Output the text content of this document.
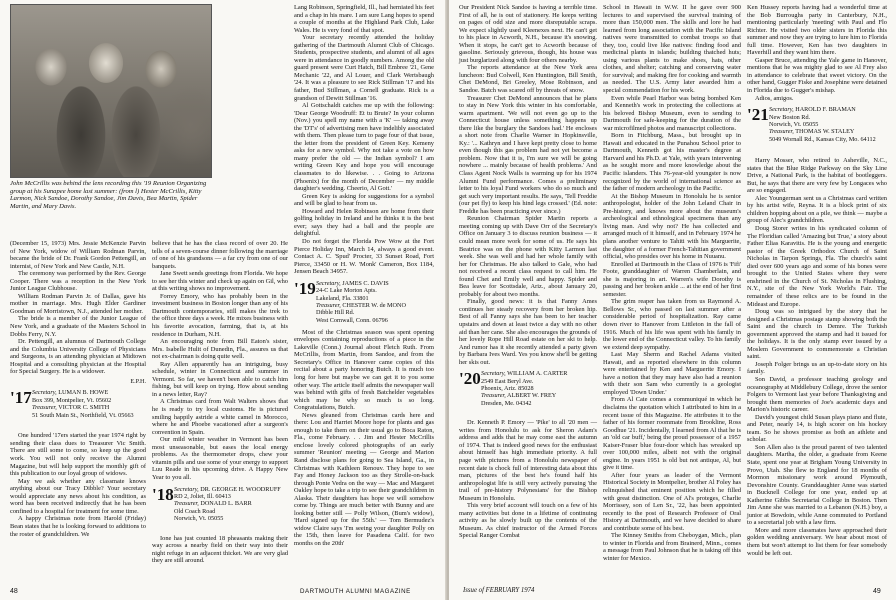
John McCrillis was behind the lens recording this '19 Reunion Organizing group at his Sunapee home last summer: (from l) Hester McCrillis, Kitty Larmon, Nick Sandoe, Dorothy Sandoe, Jim Davis, Bea Martin, Spider Martin, and Mary Davis.

(December 15, 1973) Mrs. Jessie McKenzie Parvin of New York, widow of William Rodman Parvin, became the bride of Dr. Frank Gordon Pettengill, an internist, of New York and New Castle, N.H.

The ceremony was performed by the Rev. George Cooper. There was a reception in the New York Junior League Clubhouse.

William Rodman Parvin Jr. of Dallas, gave his mother in marriage. Mrs. Hugh Elder Gardiner Goodman of Morristown, N.J., attended her mother.

The bride is a member of the Junior League of New York, and a graduate of the Masters School in Dobbs Ferry, N.Y.

Dr. Pettengill, an alumnus of Dartmouth College and the Columbia University College of Physicians and Surgeons, is an attending physician at Midtown Hospital and a consulting physician at the Hospital for Special Surgery. He is a widower.

E.P.H.
'17 Secretary, LUMAN B. HOWE
Box 399, Montpelier, Vt. 05602
Treasurer, VICTOR C. SMITH
51 South Main St., Northfield, Vt. 05663

One hundred '17ers started the year 1974 right by sending their class dues to Treasurer Vic Smith. There are still some to come, so keep up the good work. You will not only receive the Alumni Magazine, but will help support the monthly gift of this publication to our loyal group of widows.

May we ask whether any classmate knows anything about our Tracy Dibble? Your secretary would appreciate any news about his condition, as word has been received indirectly that he has been confined to a hospital for treatment for some time.

A happy Christmas note from Harold (Friday) Bean states that he is looking forward to additions to the roster of grandchildren. We

believe that he has the class record of over 20. He tells of a seven-course dinner following the marriage of one of his grandsons — a far cry from one of our banquets.

Jane Swett sends greetings from Florida. We hope to see her this winter and check up again on Gil, who at this writing shows no improvement.

Forrey Emory, who has probably been in the investment business in Boston longer than any of his Dartmouth contemporaries, still makes the trek to the office three days a week. He mixes business with his favorite avocation, farming, that is, at his residence in Durham, N.H.

An encouraging note from Bill Eaton's sister, Mrs. Isabelle Hulit of Dunedin, Fla., assures us that not ex-chairman is doing quite well.

Ray Allen apparently has an intriguing, busy schedule, winter in Connecticut and summer in Vermont. So far, we haven't been able to catch him fishing, but will keep on trying. How about sending in a news letter, Ray?

A Christmas card from Walt Walters shows that he is ready to try local customs. He is pictured smiling happily astride a white camel in Morocco, where he and Phoebe vacationed after a surgeon's convention in Spain.

Our mild winter weather in Vermont has been most unseasonable, but eases the local energy problems. As the thermometer drops, chew your vitamin pills and use some of your energy to support Luu Reade in his upcoming drive. A Happy New Year to you all.

'18 Secretary, DR. GEORGE H. WOODRUFF
RD 2, Joliet, Ill. 60413
Treasurer, DONALD L. BARR
Old Coach Road
Norwich, Vt. 05055

Ione has just counted 18 pheasants making their way across a nearby field on their way into their night refuge in an adjacent thicket. We are very glad they are still around.

Lang Robinson, Springfield, Ill., had herniated his feet and a chap in his mare. I am sure Lang hopes to spend a couple of months at the Highland Park Club, Lake Wales. He is very fond of that spot.

Your secretary recently attended the holiday gathering of the Dartmouth Alumni Club of Chicago. Students, prospective students, and alumni of all ages were in attendance in goodly numbers. Among the old guard present were Curt Hatch, Bill Embree '21, Gene Mechanic '22, and Al Louer, and Clark Wertsbaugh '24. It was a pleasure to see Rick Stillman '17 and his father, Bud Stillman, a Cornell graduate. Rick is a grandson of Dewitt Stillman '16.

Al Gottschaldt catches me up with the following: 'Dear George Woodruff: Et tu Brute? In your column (Nov.) you spell my name with a 'K' — taking away the 'DT's' of advertising men have indelibly associated with them. Then please turn to page four of that issue, the letter from the president of Green Key. Kemeny asks for a new symbol. Why not take a vote on how many prefer the old — the Indian symbol? I am writing Green Key and hope you will encourage classmates to do likewise. . . Going to Arizona (Phoenix) for the month of December — my middle daughter's wedding. Cheerio, Al Gott.'

Green Key is asking for suggestions for a symbol and will be glad to hear from us.

Howard and Helen Robinson are home from their golfing holiday in Ireland and he thinks it is the best ever; says they had a ball and the people are delightful.

Do not forget the Florida Pow Wow at the Fort Pierce Holiday Inn, March 14, always a good event. Contact A. C. 'Spud' Procter, 33 Sunset Road, Fort Pierce, 33450 or H. W. 'Monk' Cameron, Box 1184, Jensen Beach 34957.

'19 Secretary, JAMES C. DAVIS
24-C Lake Morton Apts.
Lakeland, Fla. 33801
Treasurer, CHESTER W. de MONO
Dibble Hill Rd.
West Cornwall, Conn. 06796

Most of the Christmas season was spent opening envelopes containing reproductions of a piece in the Lakeville (Conn.) Journal about Fletch Ruth. From McCrillis, from Martin, from Sandoe, and from the Secretary's Office in Hanover came copies of this recital about a party honoring Butch. It is much too long for here but maybe we can get it to you some other way. The article itself admits the newspaper wall was behind with gifts of fresh Batchelder vegetables which may be why so much is so long. Congratulations, Butch.

News gleaned from Christmas cards here and there: Lou and Harriet Moore hope for plants and gas enough to take them on their usual go to Boca Raton, Fla., come February. . . Jim and Hester McCrillis enclose lovely colored photographs of an early summer 'Reunion' meeting — George and Marion Rand disclose plans for going to Sea Island, Ga., in Christmas with Kathleen Renouv. They hope to see Fay and Honey Jackson too as they Strolle-on-back through Ponte Vedra on the way — Mac and Margaret Oakley hope to take a trip to see their grandchildren in Alaska. Their daughters has hope we will somehow come by. Things are much better with Bunny and are looking better still — Polly Wilson, (Bum's widow), 'Hard signed up for the 55th.' — Tom Bermudez's widow Claire says 'I'm seeing your daughter Polly on the 15th, then leave for Pasadena Calif. for two months on the 20th'

48	DARTMOUTH ALUMNI MAGAZINE

Our President Nick Sandoe is having a terrible time. First of all, he is out of stationery. He keeps writing on pages of odd size and more disreputable scraps. We expect slightly used Kleenexes next. He can't get to his place in Acworth, N.H., because it's snowing. When it stops, he can't get to Acworth because of gasoline. Seriously grievous, though, his house was just burglarized along with four others nearby.

The reports attendance at the New York area luncheon: Bud Colwell, Ken Huntington, Bill Smith, Chet DeMond, Bri Greeley, Mose Robinson, and Sandoe. Batch was scared off by threats of snow.

Treasurer Chet DeMond announces that he plans to stay in New York this winter in his comfortable, warm apartment. 'We will not even go up to the Connecticut house unless something happens up there like the burglary the Sandoes had.' He encloses a short note from Charlie Warner in Hopkinsville, Ky.: '... Kathryn and I have kept pretty close to home even though this gas problem had not yet become a problem. Now that it is, I'm sure we will be going nowhere ... mainly because of health problems.' And Class Agent Nock Walls is warming up for his 1974 Alumni Fund performance. Comes a preliminary letter to his loyal Fund workers who do so much and get such very important results. He says, 'Tell Freddie (our pet fly) to keep his hind legs crossed.' (Ed. note: Freddie has been practicing ever since.)

Reunion Chairman Spider Martin reports a meeting coming up with Dave Orr of the Secretary's Office on January 3 to discuss reunion business — it could mean more work for some of us. He says his Beatrice was on the phone with Kitty Larmon last week. She was well and had her whole family with her for Christmas. He also talked to Gale, who had not received a recent class request to call him. He found Chet and Emily well and happy. Spider and Bea leave for Scottsdale, Ariz., about January 20, probably for about two months.

Finally, good news: it is that Fanny Ames continues her steady recovery from her broken hip. Best of all Fanny says she has been to her teacher upstairs and down at least twice a day with no other aid than her cane. She also encourages the grounds of her lovely Rope Hill Road estate on her ski to help. And rumor has it she recently attended a party given by Barbara Ives Ward. Yes you know she'll be getting her skis out.

'20 Secretary, WILLIAM A. CARTER
2549 East Beryl Ave.
Phoenix, Ariz. 85028
Treasurer, ALBERT W. FREY
Dresden, Me. 04342

Dr. Kenneth P. Emory — 'Pike' to all '20 men — writes from Honolulu to ask for Sheron Adam's address and adds that he may come east the autumn of 1974. That is indeed good news for the enthusiast about himself has high immediate priority. A full page with pictures from a Honolulu newspaper of recent date is chock full of interesting data about this man, pictures of the best he's found half his anthropologist life is still very actively pursuing 'the trail of pre-history Polynesians' for the Bishop Museum in Honolulu.

This very brief account will touch on a few of his many activities but done in a lifetime of continuing activity as he slowly built up the contents of the Museum. As chief instructor of the Armed Forces Special Ranger Combat

School in Hawaii in W.W. II he gave over 900 lectures to and supervised the survival training of more than 150,000 men. The skills and lore he had learned from long association with the Pacific Island natives were transmitted to combat troops so that they, too, could live like natives: finding food and medicinal plants in islands; building thatched huts; using various plants to make shoes, hats, other clothes, and shelter; catching and conserving water for survival; and making fire for cooking and warmth as needed. The U.S. Army later awarded him a special commendation for his work.

Even while Pearl Harbor was being bombed Ken and Kenneth's work in protecting the collections at his beloved Bishop Museum, even to sending to Dartmouth for safe-keeping for the duration of the war microfilmed photos and manuscript collections.

Born in Fitchburg, Mass., but brought up in Hawaii and educated in the Punahou School prior to Dartmouth, Kenneth got his master's degree at Harvard and his Ph.D. at Yale, with years intervening as he sought more and more knowledge about the Pacific islanders. This 76-year-old youngster is now recognized by the world of international science as the father of modern archeology in the Pacific.

At the Bishop Museum in Honolulu he is senior anthropologist, holder of the John Leland Chair in Pre-history, and knows more about the museum's archeological and ethnological specimens than any living man. And why not? He has collected and arranged much of it himself, and in February 1974 he plans another venture to Tahiti with his Marguerite, the daughter of a former French-Tahitian government official, who presides over his home in Nuuanu.

Enrolled at Dartmouth in the Class of 1976 is 'Fifi' Foote, granddaughter of Warren Chamberlain, and she is majoring in art. Warren's wife Dorothy is passing and her broken ankle ... at the end of her first semester.

The grim reaper has taken from us Raymond A. Bellows Sr., who passed on last summer after a considerable period of hospitalization. Ray came down river to Hanover from Littleton in the fall of 1916. Much of his life was spent with his family in the lower end of the Connecticut valley. To his family we extend deep sympathy.

Last May Sherm and Rachel Adams visited Hawaii, and as reported elsewhere in this column were entertained by Ken and Marguerite Emory. I have a notion that they may have also had a reunion with their son Sam who currently is a geologist employed 'Down Under.'

From Al Cate comes a communiqué in which he disclaims the quotation which I attributed to him in a recent issue of this Magazine. He attributes it to the father of his former roommate from Brookline, Ross Goodhue '21. Incidentally, I learned from Al that he is an 'old car buff,' being the proud possessor of a 1957 Kaiser-Fraser blue four-door which has wreaked up over 100,000 miles, albeit not with the original engine. In years 1951 is old but not antique, Al, but give it time.

After four years as leader of the Vermont Historical Society in Montpelier, brother Al Foley has relinquished that eminent position which he filled with great distinction. One of Al's proteges, Charlie Morrissey, son of Len Sr., '22, has been appointed recently to the post of Research Professor of Oral History at Dartmouth, and we have decided to share and contribute some of his best.

The Kinney Smiths from Cheboygan, Mich., plan to winter in Florida and from Brainerd, Minn., comes a message from Paul Johnson that he is taking off this winter for Mexico.

Ken Hussey reports having had a wonderful time at the Bob Burroughs party in Canterbury, N.H., mentioning particularly 'meeting' with Paul and Flo Richter. He visited two older sisters in Florida this summer and now they are trying to lure him to Florida full time. However, Ken has two daughters in Haverhill and they want him there.

Gasper Bruce, attending the Yale game in Hanover, mentions that he was mighty glad to see Al Frey also in attendance to celebrate that sweet victory. On the other hand, Gugger Fiske and Josephine were detained in Florida due to Gugger's mishap.

Adios, amigos.

'21 Secretary, HAROLD F. BRAMAN
New Boston Rd.
Norwich, Vt. 05055
Treasurer, THOMAS W. STALEY
5049 Wornall Rd., Kansas City, Mo. 64112

Harry Mosser, who retired to Asheville, N.C., states that the Blue Ridge Parkway on the Sky Line Drive, a National Park, is the habitat of bootleggers. But, he says that there are very few by Longaces who are so engaged.

Alec Youngerman sent us a Christmas card written by his artist wife, Reyna. It is a block print of six children hopping about on a pile, we think — maybe a group of Alec's grandchildren.

Doug Storer writes in his syndicated column of The Floridian called 'Amazing but True,' a story about Father Elias Karavitis. He is the young and energetic pastor of the Greek Orthodox Church of Saint Nicholas in Tarpon Springs, Fla. The church's saint died over 600 years ago and some of his bones were brought to the United States where they were enshrined in the Church of St. Nicholas in Flushing, N.Y., site of the New York World's Fair. The remainder of these relics are to be found in the Mideast and Europe.

Doug was so intrigued by the story that he designed a Christmas postage stamp showing both the Saint and the church in Demre. The Turkish government approved the stamp and had it issued for the holidays. It is the only stamp ever issued by a Moslem Government to commemorate a Christian saint.

Joseph Folger brings us an up-to-date story on his family.

Son David, a professor teaching geology and oceanography at Middlebury College, drove the senior Folgers to Vermont last year before Thanksgiving and brought them memories of Joe's academic days and Marion's historic career.

David's youngest child Susan plays piano and flute, and Peter, nearly 14, is high scorer on his hockey team. So he shows promise as both an athlete and scholar.

Son Allen also is the proud parent of two talented daughters. Martha, the older, a graduate from Keene State, spent one year at Brigham Young University in Provo, Utah. She flew to England for 18 months of Mormon missionary work around Plymouth, Devonshire County. Granddaughter Anne was started in Bucknell College for one year, ended up at Katherine Gibbs Secretarial College in Boston. Then Jim Anne she was married to a Lebanon (N.H.) boy, a junior at Bowdoin, while Anne commuted to Portland to a secretarial job with a law firm.

More and more classmates have approached their golden wedding anniversary. We hear about most of them but won't attempt to list them for fear somebody would be left out.

Issue of FEBRUARY 1974	49
